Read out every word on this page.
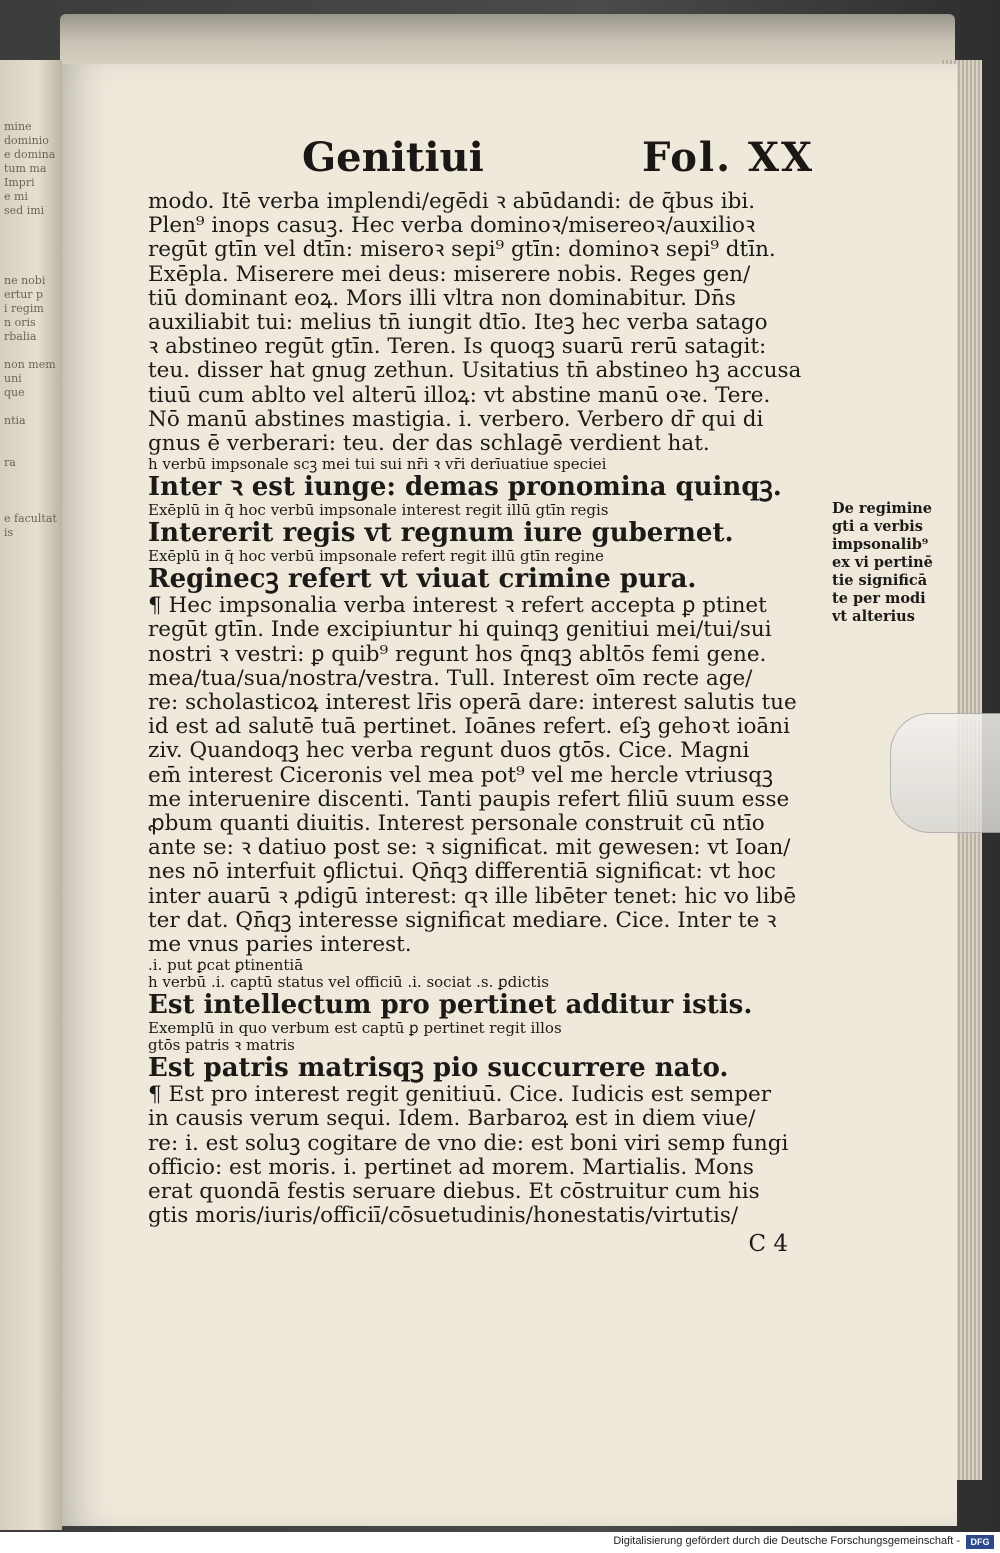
mine
dominio
e domina
tum ma
Impri
e mi
sed imi

ne nobi
ertur p
i regim
n oris
rbalia

non mem
uni
que

ntia

ra

e facultat
is
Genitiui	Fol. XX
modo. Itē verba implendi/egēdi ꝛ abūdandi: de q̄bus ibi.
Plen⁹ inops casuꝫ. Hec verba dominoꝛ/misereoꝛ/auxilioꝛ
regūt gtīn vel dtīn: miseroꝛ sepi⁹ gtīn: dominoꝛ sepi⁹ dtīn.
Exēpla. Miserere mei deus: miserere nobis. Reges gen/
tiū dominant eoꝝ. Mors illi vltra non dominabitur. Dn̄s
auxiliabit tui: melius tn̄ iungit dtīo. Iteꝫ hec verba satago
ꝛ abstineo regūt gtīn. Teren. Is quoqꝫ suarū rerū satagit:
teu. disser hat gnug zethun. Usitatius tn̄ abstineo hꝫ accusa
tiuū cum ablto vel alterū illoꝝ: vt abstine manū oꝛe. Tere.
Nō manū abstines mastigia. i. verbero. Verbero dr̄ qui di
gnus ē verberari: teu. der das schlagē verdient hat.
h verbū impsonale scꝫ mei tui sui nr̄i ꝛ vr̄i derīuatiue speciei
Inter ꝛ est iunge: demas pronomina quinqꝫ.
Exēplū in q̄ hoc verbū impsonale interest regit illū gtīn regis
Intererit regis vt regnum iure gubernet.
Exēplū in q̄ hoc verbū impsonale refert regit illū gtīn regine
Reginecꝫ refert vt viuat crimine pura.
¶ Hec impsonalia verba interest ꝛ refert accepta ꝑ ptinet
regūt gtīn. Inde excipiuntur hi quinqꝫ genitiui mei/tui/sui
nostri ꝛ vestri: ꝑ quib⁹ regunt hos q̄nqꝫ abltōs femi gene.
mea/tua/sua/nostra/vestra. Tull. Interest oīm recte age/
re: scholasticoꝝ interest lr̄is operā dare: interest salutis tue
id est ad salutē tuā pertinet. Ioānes refert. eſꝫ gehoꝛt ioāni
ziv. Quandoqꝫ hec verba regunt duos gtōs. Cice. Magni
em̄ interest Ciceronis vel mea pot⁹ vel me hercle vtriusqꝫ
me interuenire discenti. Tanti paupis refert filiū suum esse
ꝓbum quanti diuitis. Interest personale construit cū ntīo
ante se: ꝛ datiuo post se: ꝛ significat. mit gewesen: vt Ioan/
nes nō interfuit ꝯflictui. Qn̄qꝫ differentiā significat: vt hoc
inter auarū ꝛ ꝓdigū interest: qꝛ ille libēter tenet: hic vo libē
ter dat. Qn̄qꝫ interesse significat mediare. Cice. Inter te ꝛ
me vnus paries interest.
.i. put ꝑcat ꝑtinentiā
h verbū .i. captū status vel officiū .i. sociat .s. ꝑdictis
Est intellectum pro pertinet additur istis.
Exemplū in quo verbum est captū ꝑ pertinet regit illos
gtōs patris ꝛ matris
Est patris matrisqꝫ pio succurrere nato.
¶ Est pro interest regit genitiuū. Cice. Iudicis est semper
in causis verum sequi. Idem. Barbaroꝝ est in diem viue/
re: i. est soluꝫ cogitare de vno die: est boni viri semp fungi
officio: est moris. i. pertinet ad morem. Martialis. Mons
erat quondā festis seruare diebus. Et cōstruitur cum his
gtis moris/iuris/officiī/cōsuetudinis/honestatis/virtutis/
C 4
De regimine
gti a verbis
impsonalib⁹
ex vi pertinē
tie significā
te per modi
vt alterius
Digitalisierung gefördert durch die Deutsche Forschungsgemeinschaft -	DFG
